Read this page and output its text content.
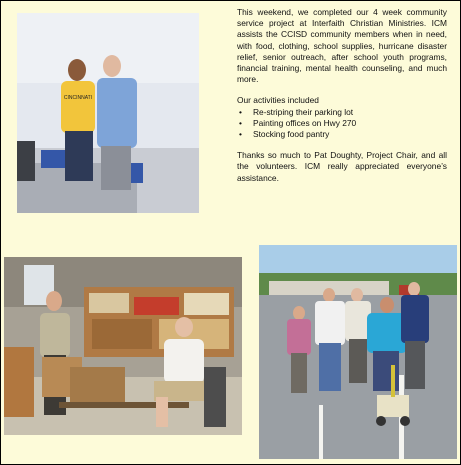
CINCINNATI

This weekend, we completed our 4 week community service project at Interfaith Christian Ministries. ICM assists the CCISD community members when in need, with food, clothing, school supplies, hurricane disaster relief, senior outreach, after school youth programs, financial training, mental health counseling, and much more.

Our activities included

• Re-striping their parking lot
• Painting offices on Hwy 270
• Stocking food pantry

Thanks so much to Pat Doughty, Project Chair, and all the volunteers. ICM really appreciated everyone’s assistance.
